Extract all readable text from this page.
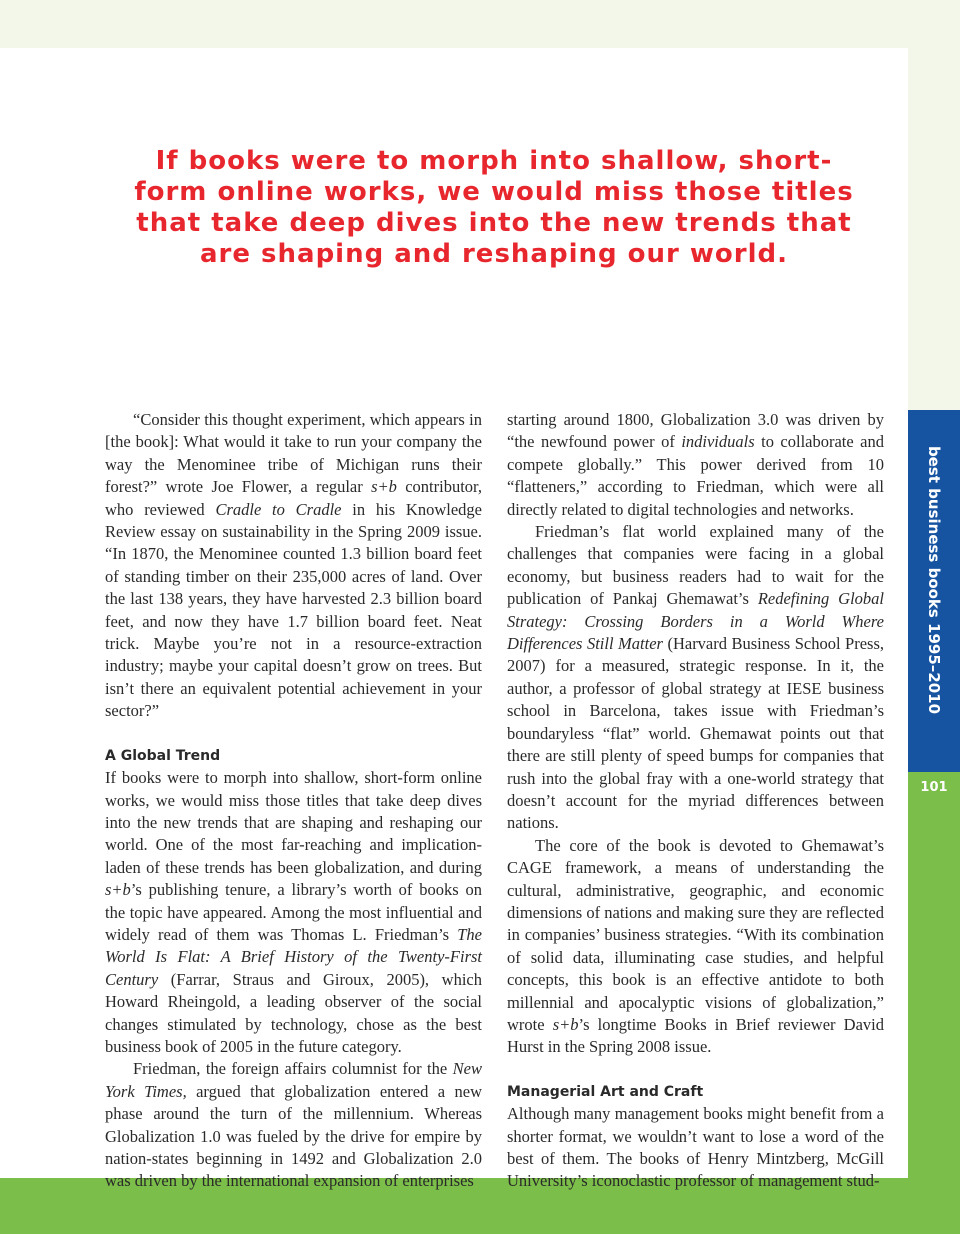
best business books 1995–2010
101
If books were to morph into shallow, short-form online works, we would miss those titles that take deep dives into the new trends that are shaping and reshaping our world.

“Consider this thought experiment, which appears in [the book]: What would it take to run your company the way the Menominee tribe of Michigan runs their forest?” wrote Joe Flower, a regular s+b contributor, who reviewed Cradle to Cradle in his Knowledge Review essay on sustainability in the Spring 2009 issue. “In 1870, the Menominee counted 1.3 billion board feet of standing timber on their 235,000 acres of land. Over the last 138 years, they have harvested 2.3 billion board feet, and now they have 1.7 billion board feet. Neat trick. Maybe you’re not in a resource-extraction industry; maybe your capital doesn’t grow on trees. But isn’t there an equivalent potential achievement in your sector?”

A Global Trend

If books were to morph into shallow, short-form online works, we would miss those titles that take deep dives into the new trends that are shaping and reshaping our world. One of the most far-reaching and implication-laden of these trends has been globalization, and during s+b’s publishing tenure, a library’s worth of books on the topic have appeared. Among the most influential and widely read of them was Thomas L. Friedman’s The World Is Flat: A Brief History of the Twenty-First Century (Farrar, Straus and Giroux, 2005), which Howard Rheingold, a leading observer of the social changes stimulated by technology, chose as the best business book of 2005 in the future category.

Friedman, the foreign affairs columnist for the New York Times, argued that globalization entered a new phase around the turn of the millennium. Whereas Globalization 1.0 was fueled by the drive for empire by nation-states beginning in 1492 and Globalization 2.0 was driven by the international expansion of enterprises

starting around 1800, Globalization 3.0 was driven by “the newfound power of individuals to collaborate and compete globally.” This power derived from 10 “flatteners,” according to Friedman, which were all directly related to digital technologies and networks.

Friedman’s flat world explained many of the challenges that companies were facing in a global economy, but business readers had to wait for the publication of Pankaj Ghemawat’s Redefining Global Strategy: Crossing Borders in a World Where Differences Still Matter (Harvard Business School Press, 2007) for a measured, strategic response. In it, the author, a professor of global strategy at IESE business school in Barcelona, takes issue with Friedman’s boundaryless “flat” world. Ghemawat points out that there are still plenty of speed bumps for companies that rush into the global fray with a one-world strategy that doesn’t account for the myriad differences between nations.

The core of the book is devoted to Ghemawat’s CAGE framework, a means of understanding the cultural, administrative, geographic, and economic dimensions of nations and making sure they are reflected in companies’ business strategies. “With its combination of solid data, illuminating case studies, and helpful concepts, this book is an effective antidote to both millennial and apocalyptic visions of globalization,” wrote s+b’s longtime Books in Brief reviewer David Hurst in the Spring 2008 issue.

Managerial Art and Craft

Although many management books might benefit from a shorter format, we wouldn’t want to lose a word of the best of them. The books of Henry Mintzberg, McGill University’s iconoclastic professor of management stud-
